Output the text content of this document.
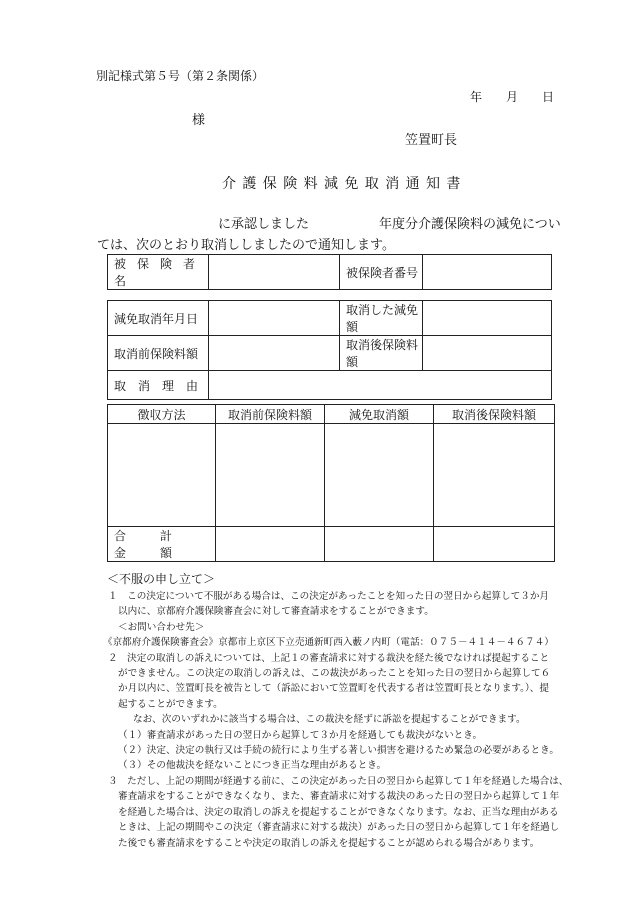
別記様式第５号（第２条関係）
年　　月　　日
様
笠置町長
介護保険料減免取消通知書
に承認しました	年度分介護保険料の減免につい
ては、次のとおり取消ししましたので通知します。
被保険者名		被保険者番号	
減免取消年月日		取消した減免額	
取消前保険料額		取消後保険料額	
取　消　理　由			
徴収方法	取消前保険料額	減免取消額	取消後保険料額

合　計　金　額			
＜不服の申し立て＞
１　この決定について不服がある場合は、この決定があったことを知った日の翌日から起算して３か月
以内に、京都府介護保険審査会に対して審査請求をすることができます。
＜お問い合わせ先＞
《京都府介護保険審査会》京都市上京区下立売通新町西入藪ノ内町（電話：０７５－４１４－４６７４）
２　決定の取消しの訴えについては、上記１の審査請求に対する裁決を経た後でなければ提起すること
ができません。この決定の取消しの訴えは、この裁決があったことを知った日の翌日から起算して６
か月以内に、笠置町長を被告として（訴訟において笠置町を代表する者は笠置町長となります。）、提
起することができます。
なお、次のいずれかに該当する場合は、この裁決を経ずに訴訟を提起することができます。
（１）審査請求があった日の翌日から起算して３か月を経過しても裁決がないとき。
（２）決定、決定の執行又は手続の続行により生ずる著しい損害を避けるため緊急の必要があるとき。
（３）その他裁決を経ないことにつき正当な理由があるとき。
３　ただし、上記の期間が経過する前に、この決定があった日の翌日から起算して１年を経過した場合は、
審査請求をすることができなくなり、また、審査請求に対する裁決のあった日の翌日から起算して１年
を経過した場合は、決定の取消しの訴えを提起することができなくなります。なお、正当な理由がある
ときは、上記の期間やこの決定（審査請求に対する裁決）があった日の翌日から起算して１年を経過し
た後でも審査請求をすることや決定の取消しの訴えを提起することが認められる場合があります。
